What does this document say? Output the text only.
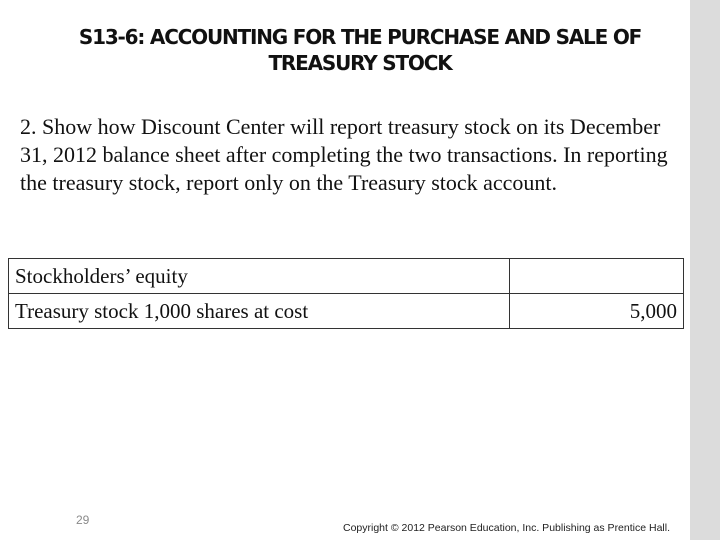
S13-6: ACCOUNTING FOR THE PURCHASE AND SALE OF
TREASURY STOCK
2. Show how Discount Center will report treasury stock on its December 31, 2012 balance sheet after completing the two transactions. In reporting the treasury stock, report only on the Treasury stock account.
Stockholders’ equity	
Treasury stock 1,000 shares at cost	5,000
29
Copyright © 2012 Pearson Education, Inc. Publishing as Prentice Hall.
